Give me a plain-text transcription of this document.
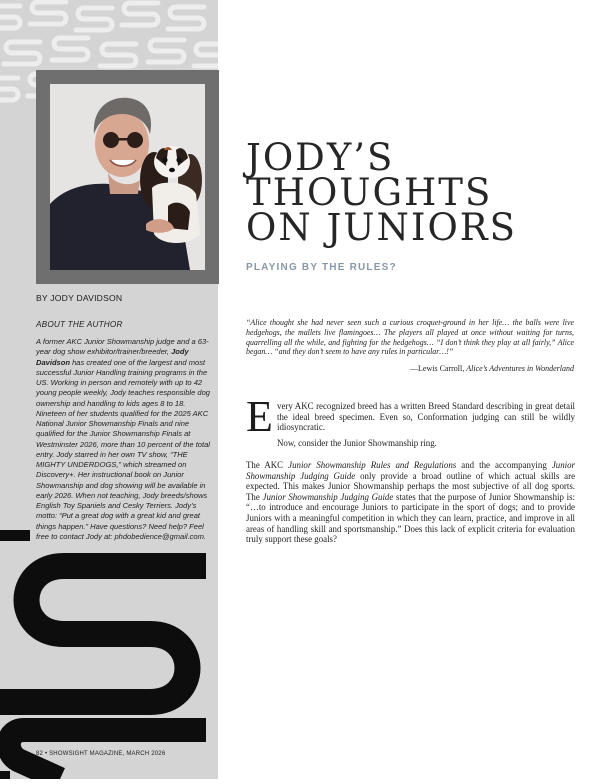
BY JODY DAVIDSON
ABOUT THE AUTHOR

A former AKC Junior Showmanship judge and a 63-year dog show exhibitor/trainer/breeder, Jody Davidson has created one of the largest and most successful Junior Handling training programs in the US. Working in person and remotely with up to 42 young people weekly, Jody teaches responsible dog ownership and handling to kids ages 8 to 18. Nineteen of her students qualified for the 2025 AKC National Junior Showmanship Finals and nine qualified for the Junior Showmanship Finals at Westminster 2026, more than 10 percent of the total entry. Jody starred in her own TV show, “THE MIGHTY UNDERDOGS,” which streamed on Discovery+. Her instructional book on Junior Showmanship and dog showing will be available in early 2026. When not teaching, Jody breeds/shows English Toy Spaniels and Cesky Terriers. Jody’s motto: “Put a great dog with a great kid and great things happen.” Have questions? Need help? Feel free to contact Jody at: phdobedience@gmail.com.

82 • SHOWSIGHT MAGAZINE, MARCH 2026
JODY’S
THOUGHTS
ON JUNIORS
PLAYING BY THE RULES?

“Alice thought she had never seen such a curious croquet-ground in her life… the balls were live hedgehogs, the mallets live flamingoes… The players all played at once without waiting for turns, quarrelling all the while, and fighting for the hedgehogs… “I don’t think they play at all fairly,” Alice began… “and they don’t seem to have any rules in particular…!”

—Lewis Carroll, Alice’s Adventures in Wonderland
E very AKC recognized breed has a written Breed Standard describing in great detail the ideal breed specimen. Even so, Conformation judging can still be wildly idiosyncratic.

Now, consider the Junior Showmanship ring.

The AKC Junior Showmanship Rules and Regulations and the accompanying Junior Showmanship Judging Guide only provide a broad outline of which actual skills are expected. This makes Junior Showmanship perhaps the most subjective of all dog sports. The Junior Showmanship Judging Guide states that the purpose of Junior Showmanship is: “…to introduce and encourage Juniors to participate in the sport of dogs; and to provide Juniors with a meaningful competition in which they can learn, practice, and improve in all areas of handling skill and sportsmanship.” Does this lack of explicit criteria for evaluation truly support these goals?
